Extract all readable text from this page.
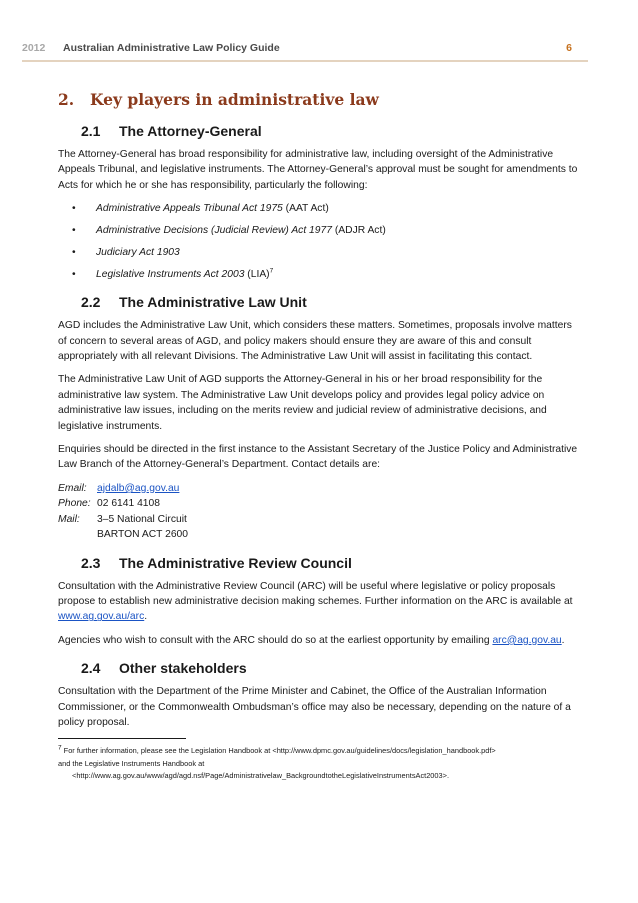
2012 Australian Administrative Law Policy Guide	6
2. Key players in administrative law
2.1 The Attorney-General

The Attorney-General has broad responsibility for administrative law, including oversight of the Administrative Appeals Tribunal, and legislative instruments. The Attorney-General’s approval must be sought for amendments to Acts for which he or she has responsibility, particularly the following:

• Administrative Appeals Tribunal Act 1975 (AAT Act)
• Administrative Decisions (Judicial Review) Act 1977 (ADJR Act)
• Judiciary Act 1903
• Legislative Instruments Act 2003 (LIA)$^7$
2.2 The Administrative Law Unit

AGD includes the Administrative Law Unit, which considers these matters. Sometimes, proposals involve matters of concern to several areas of AGD, and policy makers should ensure they are aware of this and consult appropriately with all relevant Divisions. The Administrative Law Unit will assist in facilitating this contact.

The Administrative Law Unit of AGD supports the Attorney-General in his or her broad responsibility for the administrative law system. The Administrative Law Unit develops policy and provides legal policy advice on administrative law issues, including on the merits review and judicial review of administrative decisions, and legislative instruments.

Enquiries should be directed in the first instance to the Assistant Secretary of the Justice Policy and Administrative Law Branch of the Attorney-General’s Department. Contact details are:

Email:	ajdalb@ag.gov.au
Phone: 02 6141 4108
Mail:	3–5 National Circuit
BARTON ACT 2600
2.3 The Administrative Review Council

Consultation with the Administrative Review Council (ARC) will be useful where legislative or policy proposals propose to establish new administrative decision making schemes. Further information on the ARC is available at www.ag.gov.au/arc.

Agencies who wish to consult with the ARC should do so at the earliest opportunity by emailing arc@ag.gov.au.

2.4 Other stakeholders

Consultation with the Department of the Prime Minister and Cabinet, the Office of the Australian Information Commissioner, or the Commonwealth Ombudsman’s office may also be necessary, depending on the nature of a policy proposal.

$^7$ For further information, please see the Legislation Handbook at <http://www.dpmc.gov.au/guidelines/docs/legislation_handbook.pdf>
and the Legislative Instruments Handbook at
<http://www.ag.gov.au/www/agd/agd.nsf/Page/Administrativelaw_BackgroundtotheLegislativeInstrumentsAct2003>.
